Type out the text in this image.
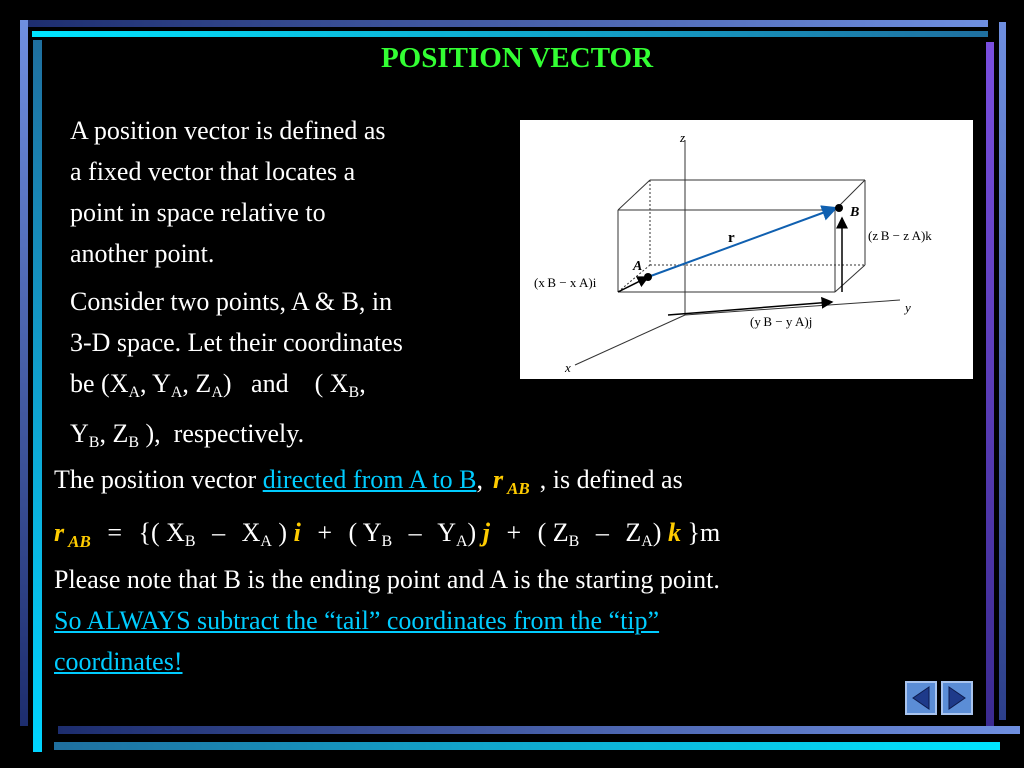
POSITION VECTOR
A position vector is defined as
a fixed vector that locates a
point in space relative to
another point.
Consider two points, A & B, in
3-D space. Let their coordinates
be ($X_A$, $Y_A$, $Z_A$)   and    ( $X_B$,
$Y_B$, $Z_B$ ),  respectively.
z
y
x
r
A
B
(x B − x A)i
(y B − y A)j
(z B − z A)k
The position vector directed from A to B, r $_{AB}$ , is defined as
r $_{AB}$ = {( $X_B - X_A$ ) i + ( $Y_B - Y_A$) j + ( $Z_B - Z_A$) k }m
Please note that B is the ending point and A is the starting point.
So ALWAYS subtract the “tail” coordinates from the “tip”
coordinates!
